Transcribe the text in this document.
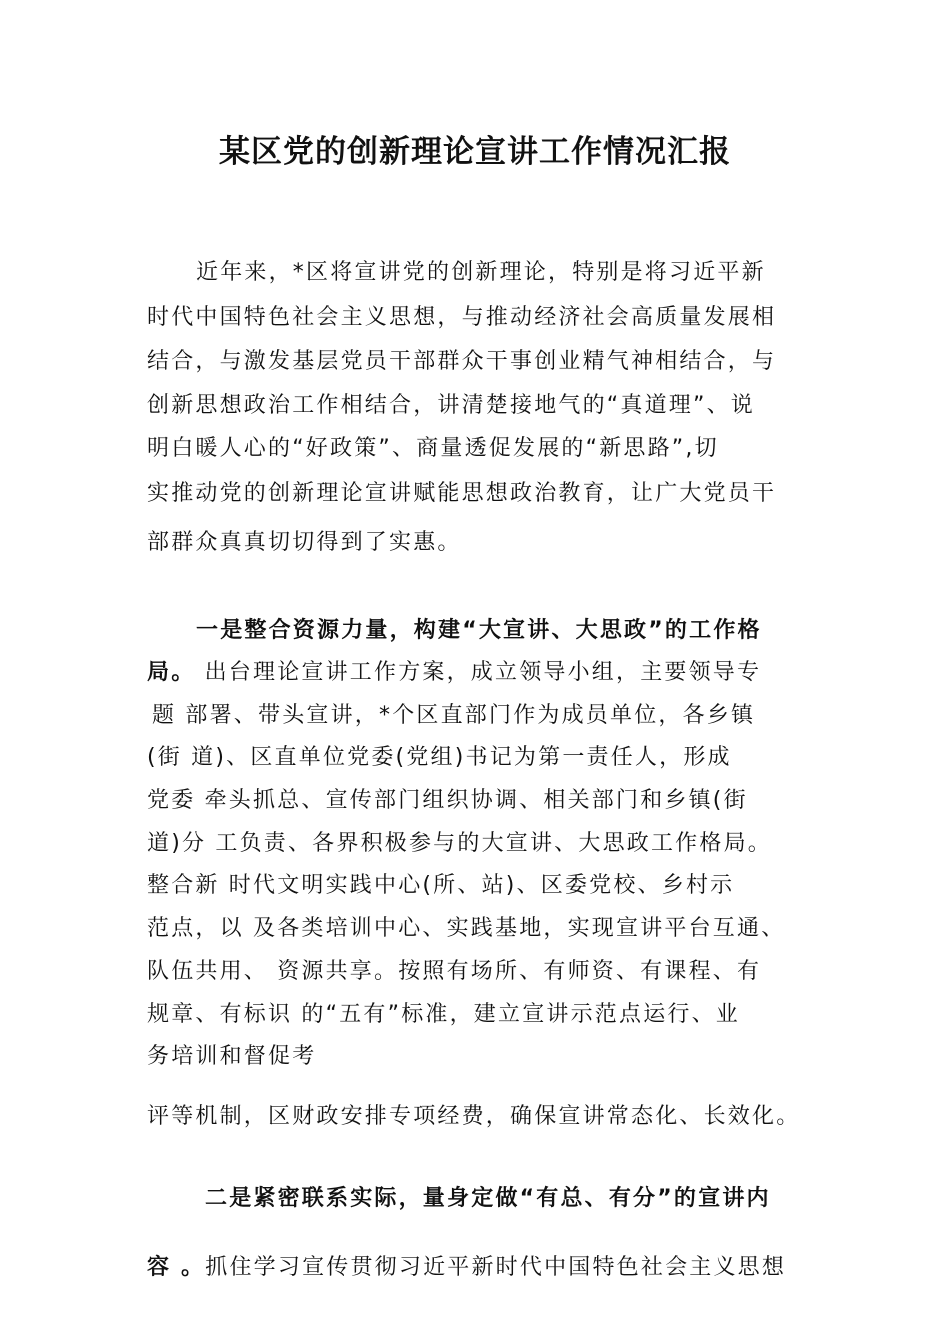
某区党的创新理论宣讲工作情况汇报
近年来，*区将宣讲党的创新理论，特别是将习近平新
时代中国特色社会主义思想，与推动经济社会高质量发展相
结合，与激发基层党员干部群众干事创业精气神相结合，与
创新思想政治工作相结合，讲清楚接地气的“真道理”、说
明白暖人心的“好政策”、商量透促发展的“新思路”,切
实推动党的创新理论宣讲赋能思想政治教育，让广大党员干
部群众真真切切得到了实惠。
一是整合资源力量，构建“大宣讲、大思政”的工作格
局。 出台理论宣讲工作方案，成立领导小组，主要领导专
题 部署、带头宣讲，*个区直部门作为成员单位，各乡镇
(街 道)、区直单位党委(党组)书记为第一责任人，形成
党委 牵头抓总、宣传部门组织协调、相关部门和乡镇(街
道)分 工负责、各界积极参与的大宣讲、大思政工作格局。
整合新 时代文明实践中心(所、站)、区委党校、乡村示
范点，以 及各类培训中心、实践基地，实现宣讲平台互通、
队伍共用、 资源共享。按照有场所、有师资、有课程、有
规章、有标识 的“五有”标准，建立宣讲示范点运行、业
务培训和督促考
评等机制，区财政安排专项经费，确保宣讲常态化、长效化。
二是紧密联系实际，量身定做“有总、有分”的宣讲内
容 。抓住学习宣传贯彻习近平新时代中国特色社会主义思想
